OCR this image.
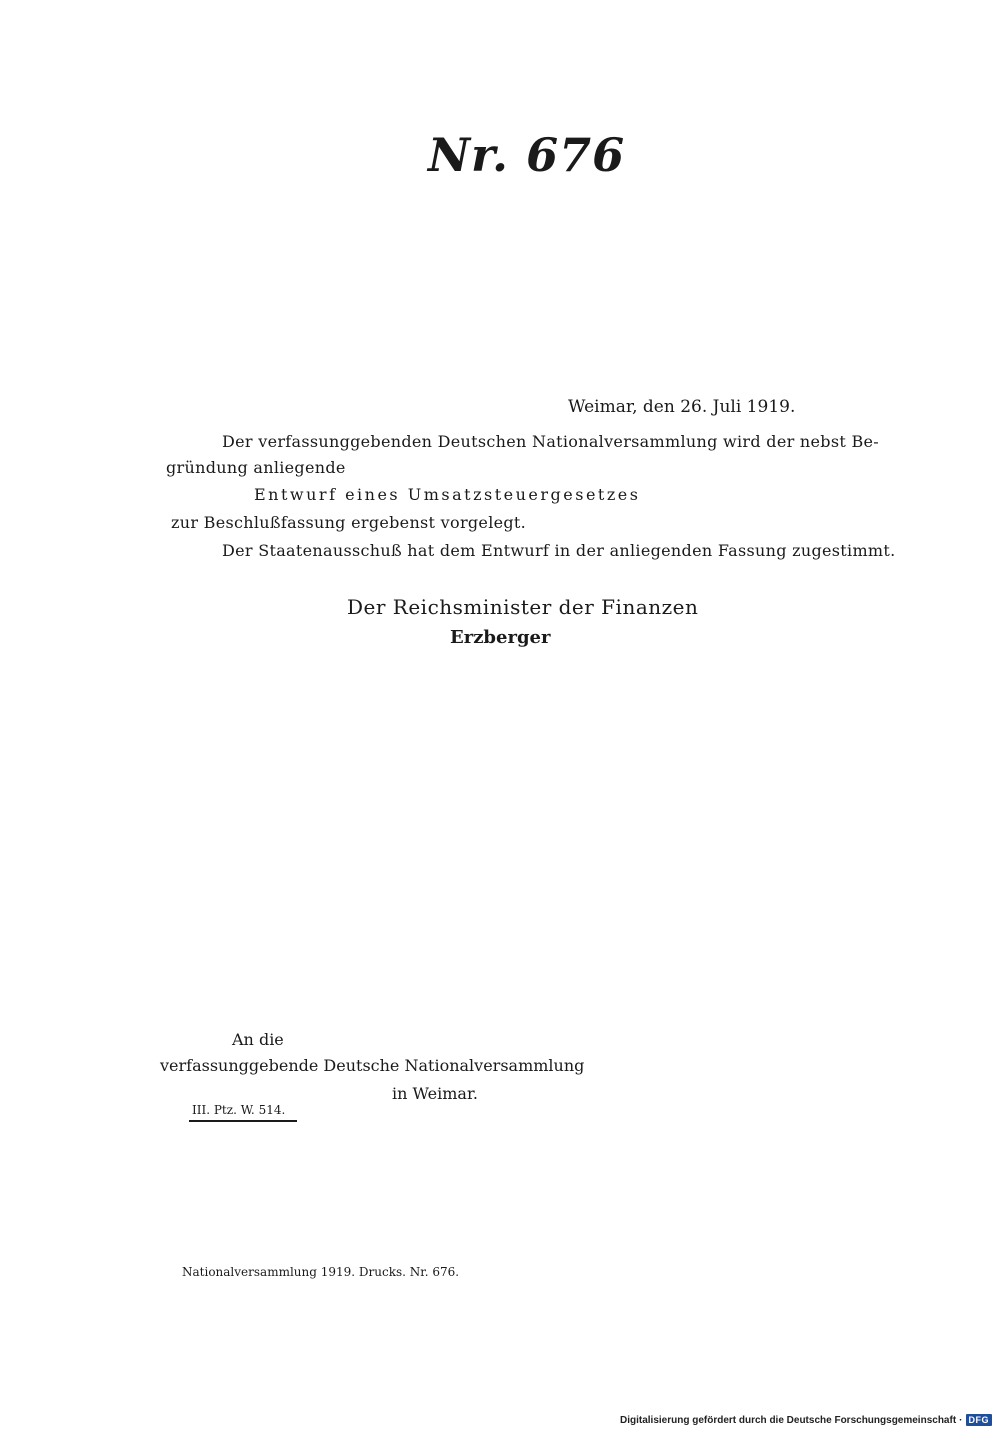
Nr. 676
Weimar, den 26. Juli 1919.
Der verfassunggebenden Deutschen Nationalversammlung wird der nebst Be-
gründung anliegende
Entwurf eines Umsatzsteuergesetzes
zur Beschlußfassung ergebenst vorgelegt.
Der Staatenausschuß hat dem Entwurf in der anliegenden Fassung zugestimmt.
Der Reichsminister der Finanzen
Erzberger
An die
verfassunggebende Deutsche Nationalversammlung
in Weimar.
III. Ptz. W. 514.
Nationalversammlung 1919. Drucks. Nr. 676.
Digitalisierung gefördert durch die Deutsche Forschungsgemeinschaft · DFG
